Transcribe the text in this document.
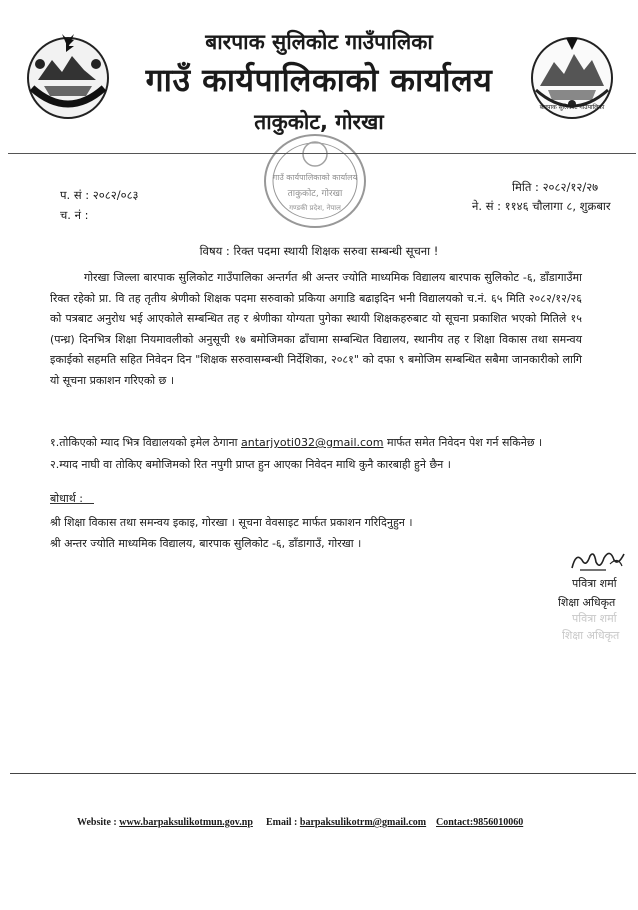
बारपाक सुलिकोट गाउँपालिका
बारपाक सुलिकोट गाउँपालिका
गाउँ कार्यपालिकाको कार्यालय
ताकुकोट, गोरखा
गाउँ कार्यपालिकाको कार्यालय
ताकुकोट, गोरखा
गण्डकी प्रदेश, नेपाल
प. सं : २०८२/०८३
च. नं :
मिति : २०८२/१२/२७
ने. सं : ११४६ चौलागा ८, शुक्रबार
विषय : रिक्त पदमा स्थायी शिक्षक सरुवा सम्बन्धी सूचना !
गोरखा जिल्ला बारपाक सुलिकोट गाउँपालिका अन्तर्गत श्री अन्तर ज्योति माध्यमिक विद्यालय बारपाक सुलिकोट -६, डाँडागाउँमा रिक्त रहेको प्रा. वि तह तृतीय श्रेणीको शिक्षक पदमा सरुवाको प्रकिया अगाडि बढाइदिन भनी विद्यालयको च.नं. ६५ मिति २०८२/१२/२६ को पत्रबाट अनुरोध भई आएकोले सम्बन्धित तह र श्रेणीका योग्यता पुगेका स्थायी शिक्षकहरुबाट यो सूचना प्रकाशित भएको मितिले १५ (पन्ध्र) दिनभित्र शिक्षा नियमावलीको अनुसूची १७ बमोजिमका ढाँचामा सम्बन्धित विद्यालय, स्थानीय तह र शिक्षा विकास तथा समन्वय इकाईको सहमति सहित निवेदन दिन "शिक्षक सरुवासम्बन्धी निर्देशिका, २०८१" को दफा ९ बमोजिम सम्बन्धित सबैमा जानकारीको लागि यो सूचना प्रकाशन गरिएको छ ।
१.तोकिएको म्याद भित्र विद्यालयको इमेल ठेगाना antarjyoti032@gmail.com मार्फत समेत निवेदन पेश गर्न सकिनेछ ।
२.म्याद नाघी वा तोकिए बमोजिमको रित नपुगी प्राप्त हुन आएका निवेदन माथि कुनै कारबाही हुने छैन ।
बोधार्थ :
श्री शिक्षा विकास तथा समन्वय इकाइ, गोरखा । सूचना वेवसाइट मार्फत प्रकाशन गरिदिनुहुन ।
श्री अन्तर ज्योति माध्यमिक विद्यालय, बारपाक सुलिकोट -६, डाँडागाउँ, गोरखा ।
पवित्रा शर्मा
शिक्षा अधिकृत
पवित्रा शर्मा
शिक्षा अधिकृत
Website : www.barpaksulikotmun.gov.np Email : barpaksulikotrm@gmail.com Contact:9856010060
